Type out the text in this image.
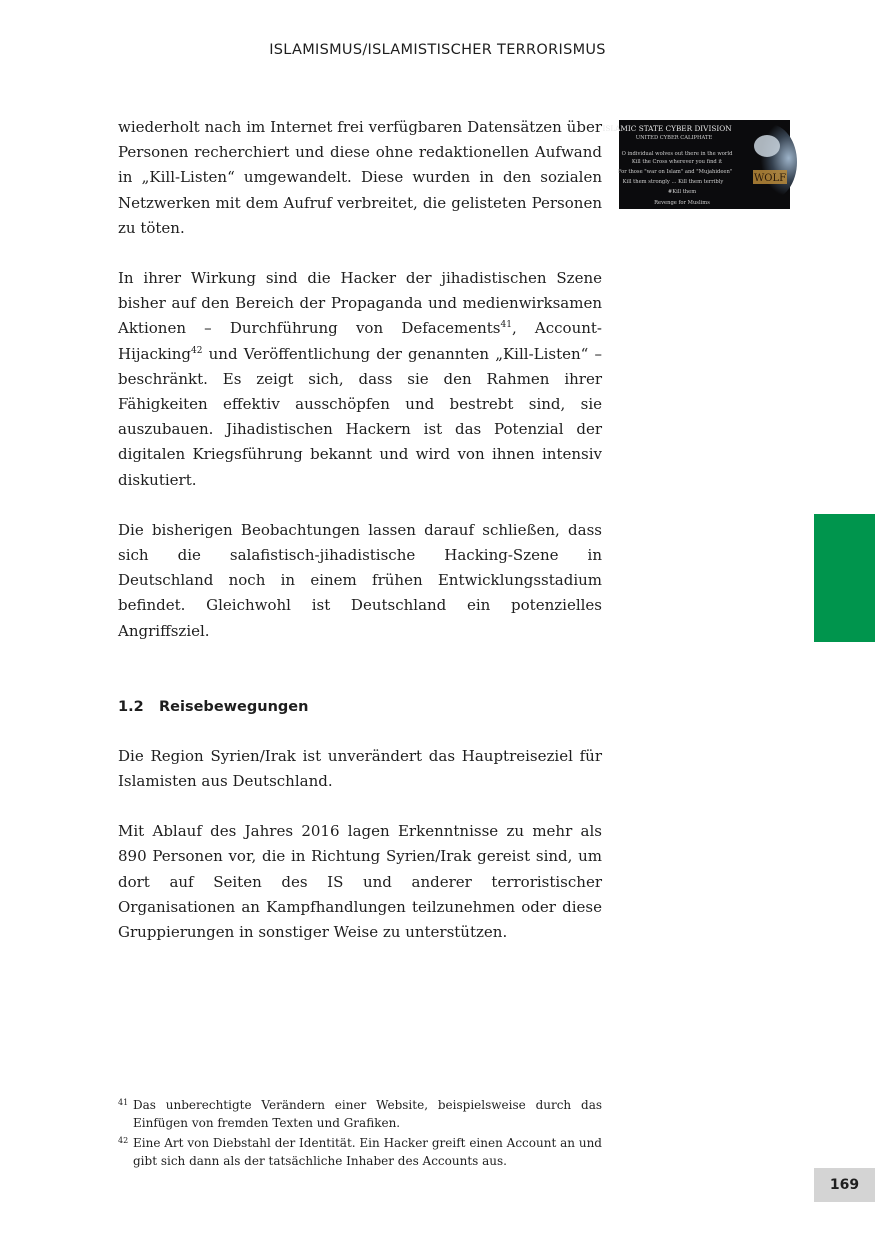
ISLAMISMUS/ISLAMISTISCHER TERRORISMUS
WOLF
ISLAMIC STATE CYBER DIVISION
UNITED CYBER CALIPHATE
O individual wolves out there in the world
Kill the Cross wherever you find it
For those "war on Islam" and "Mujahideen"
Kill them strongly ... Kill them terribly
#Kill them
Revenge for Muslims

wiederholt nach im Internet frei verfügbaren Datensätzen über Personen recherchiert und diese ohne redaktionellen Aufwand in „Kill-Listen“ umgewandelt. Diese wurden in den sozialen Netzwerken mit dem Aufruf verbreitet, die gelisteten Personen zu töten.

In ihrer Wirkung sind die Hacker der jihadistischen Szene bisher auf den Bereich der Propaganda und medienwirksamen Aktionen – Durchführung von Defacements$^{41}$, Account-Hijacking$^{42}$ und Veröffentlichung der genannten „Kill-Listen“ – beschränkt. Es zeigt sich, dass sie den Rahmen ihrer Fähigkeiten effektiv ausschöpfen und bestrebt sind, sie auszubauen. Jihadistischen Hackern ist das Potenzial der digitalen Kriegsführung bekannt und wird von ihnen intensiv diskutiert.

Die bisherigen Beobachtungen lassen darauf schließen, dass sich die salafistisch-jihadistische Hacking-Szene in Deutschland noch in einem frühen Entwicklungsstadium befindet. Gleichwohl ist Deutschland ein potenzielles Angriffsziel.

1.2 Reisebewegungen

Die Region Syrien/Irak ist unverändert das Hauptreiseziel für Islamisten aus Deutschland.

Mit Ablauf des Jahres 2016 lagen Erkenntnisse zu mehr als 890 Personen vor, die in Richtung Syrien/Irak gereist sind, um dort auf Seiten des IS und anderer terroristischer Organisationen an Kampfhandlungen teilzunehmen oder diese Gruppierungen in sonstiger Weise zu unterstützen.

41 Das unberechtigte Verändern einer Website, beispielsweise durch das Einfügen von fremden Texten und Grafiken.
42 Eine Art von Diebstahl der Identität. Ein Hacker greift einen Account an und gibt sich dann als der tatsächliche Inhaber des Accounts aus.
169
